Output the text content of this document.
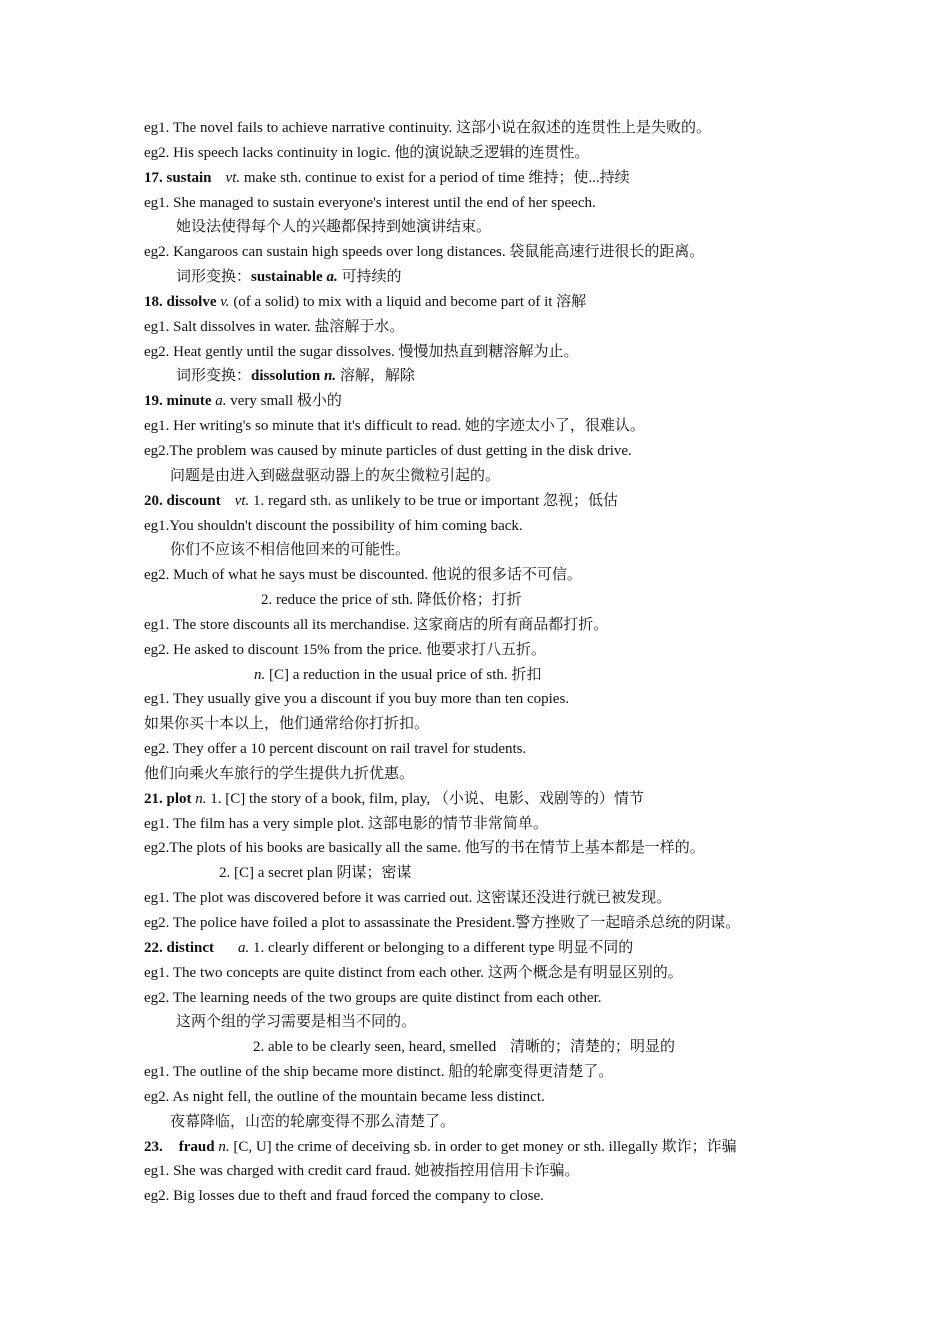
eg1. The novel fails to achieve narrative continuity. 这部小说在叙述的连贯性上是失败的。
eg2. His speech lacks continuity in logic. 他的演说缺乏逻辑的连贯性。
17. sustain vt. make sth. continue to exist for a period of time 维持；使...持续
eg1. She managed to sustain everyone's interest until the end of her speech.
她设法使得每个人的兴趣都保持到她演讲结束。
eg2. Kangaroos can sustain high speeds over long distances. 袋鼠能高速行进很长的距离。
词形变换：sustainable a. 可持续的
18. dissolve v. (of a solid) to mix with a liquid and become part of it 溶解
eg1. Salt dissolves in water. 盐溶解于水。
eg2. Heat gently until the sugar dissolves. 慢慢加热直到糖溶解为止。
词形变换：dissolution n. 溶解，解除
19. minute a. very small 极小的
eg1. Her writing's so minute that it's difficult to read. 她的字迹太小了，很难认。
eg2.The problem was caused by minute particles of dust getting in the disk drive.
问题是由进入到磁盘驱动器上的灰尘微粒引起的。
20. discount vt. 1. regard sth. as unlikely to be true or important 忽视；低估
eg1.You shouldn't discount the possibility of him coming back.
你们不应该不相信他回来的可能性。
eg2. Much of what he says must be discounted. 他说的很多话不可信。
2. reduce the price of sth. 降低价格；打折
eg1. The store discounts all its merchandise. 这家商店的所有商品都打折。
eg2. He asked to discount 15% from the price. 他要求打八五折。
n. [C] a reduction in the usual price of sth. 折扣
eg1. They usually give you a discount if you buy more than ten copies.
如果你买十本以上，他们通常给你打折扣。
eg2. They offer a 10 percent discount on rail travel for students.
他们向乘火车旅行的学生提供九折优惠。
21. plot n. 1. [C] the story of a book, film, play, （小说、电影、戏剧等的）情节
eg1. The film has a very simple plot. 这部电影的情节非常简单。
eg2.The plots of his books are basically all the same. 他写的书在情节上基本都是一样的。
2. [C] a secret plan 阴谋；密谋
eg1. The plot was discovered before it was carried out. 这密谋还没进行就已被发现。
eg2. The police have foiled a plot to assassinate the President.警方挫败了一起暗杀总统的阴谋。
22. distinct a. 1. clearly different or belonging to a different type 明显不同的
eg1. The two concepts are quite distinct from each other. 这两个概念是有明显区别的。
eg2. The learning needs of the two groups are quite distinct from each other.
这两个组的学习需要是相当不同的。
2. able to be clearly seen, heard, smelled 清晰的；清楚的；明显的
eg1. The outline of the ship became more distinct. 船的轮廓变得更清楚了。
eg2. As night fell, the outline of the mountain became less distinct.
夜幕降临，山峦的轮廓变得不那么清楚了。
23. fraud n. [C, U] the crime of deceiving sb. in order to get money or sth. illegally 欺诈；诈骗
eg1. She was charged with credit card fraud. 她被指控用信用卡诈骗。
eg2. Big losses due to theft and fraud forced the company to close.
